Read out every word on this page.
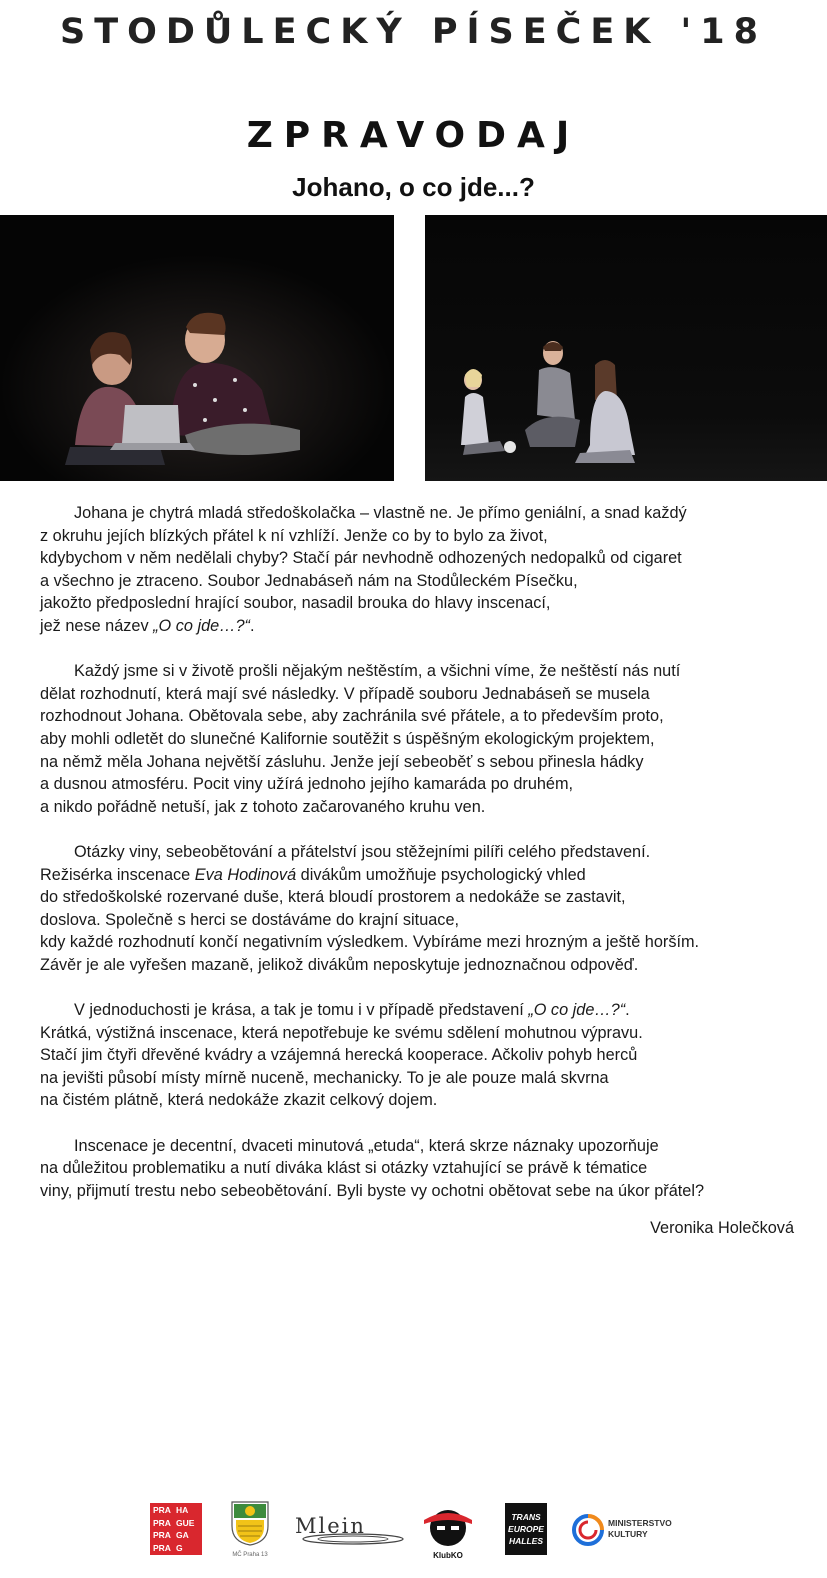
STODŮLECKÝ PÍSEČEK '18
ZPRAVODAJ
Johano, o co jde...?
Johana je chytrá mladá středoškolačka – vlastně ne. Je přímo geniální, a snad každý
z okruhu jejích blízkých přátel k ní vzhlíží. Jenže co by to bylo za život,
kdybychom v něm nedělali chyby? Stačí pár nevhodně odhozených nedopalků od cigaret
a všechno je ztraceno. Soubor Jednabáseň nám na Stodůleckém Písečku,
jakožto předposlední hrající soubor, nasadil brouka do hlavy inscenací,
jež nese název „O co jde…?“.
Každý jsme si v životě prošli nějakým neštěstím, a všichni víme, že neštěstí nás nutí
dělat rozhodnutí, která mají své následky. V případě souboru Jednabáseň se musela
rozhodnout Johana. Obětovala sebe, aby zachránila své přátele, a to především proto,
aby mohli odletět do slunečné Kalifornie soutěžit s úspěšným ekologickým projektem,
na němž měla Johana největší zásluhu. Jenže její sebeoběť s sebou přinesla hádky
a dusnou atmosféru. Pocit viny užírá jednoho jejího kamaráda po druhém,
a nikdo pořádně netuší, jak z tohoto začarovaného kruhu ven.
Otázky viny, sebeobětování a přátelství jsou stěžejními pilíři celého představení.
Režisérka inscenace Eva Hodinová divákům umožňuje psychologický vhled
do středoškolské rozervané duše, která bloudí prostorem a nedokáže se zastavit,
doslova. Společně s herci se dostáváme do krajní situace,
kdy každé rozhodnutí končí negativním výsledkem. Vybíráme mezi hrozným a ještě horším.
Závěr je ale vyřešen mazaně, jelikož divákům neposkytuje jednoznačnou odpověď.
V jednoduchosti je krása, a tak je tomu i v případě představení „O co jde…?“.
Krátká, výstižná inscenace, která nepotřebuje ke svému sdělení mohutnou výpravu.
Stačí jim čtyři dřevěné kvádry a vzájemná herecká kooperace. Ačkoliv pohyb herců
na jevišti působí místy mírně nuceně, mechanicky. To je ale pouze malá skvrna
na čistém plátně, která nedokáže zkazit celkový dojem.
Inscenace je decentní, dvaceti minutová „etuda“, která skrze náznaky upozorňuje
na důležitou problematiku a nutí diváka klást si otázky vztahující se právě k tématice
viny, přijmutí trestu nebo sebeobětování. Byli byste vy ochotni obětovat sebe na úkor přátel?
Veronika Holečková
PRA HA
PRA GUE
PRA GA
PRA G
MČ Praha 13
Mlein
KlubKO
TRANS
EUROPE
HALLES
MINISTERSTVO
KULTURY
